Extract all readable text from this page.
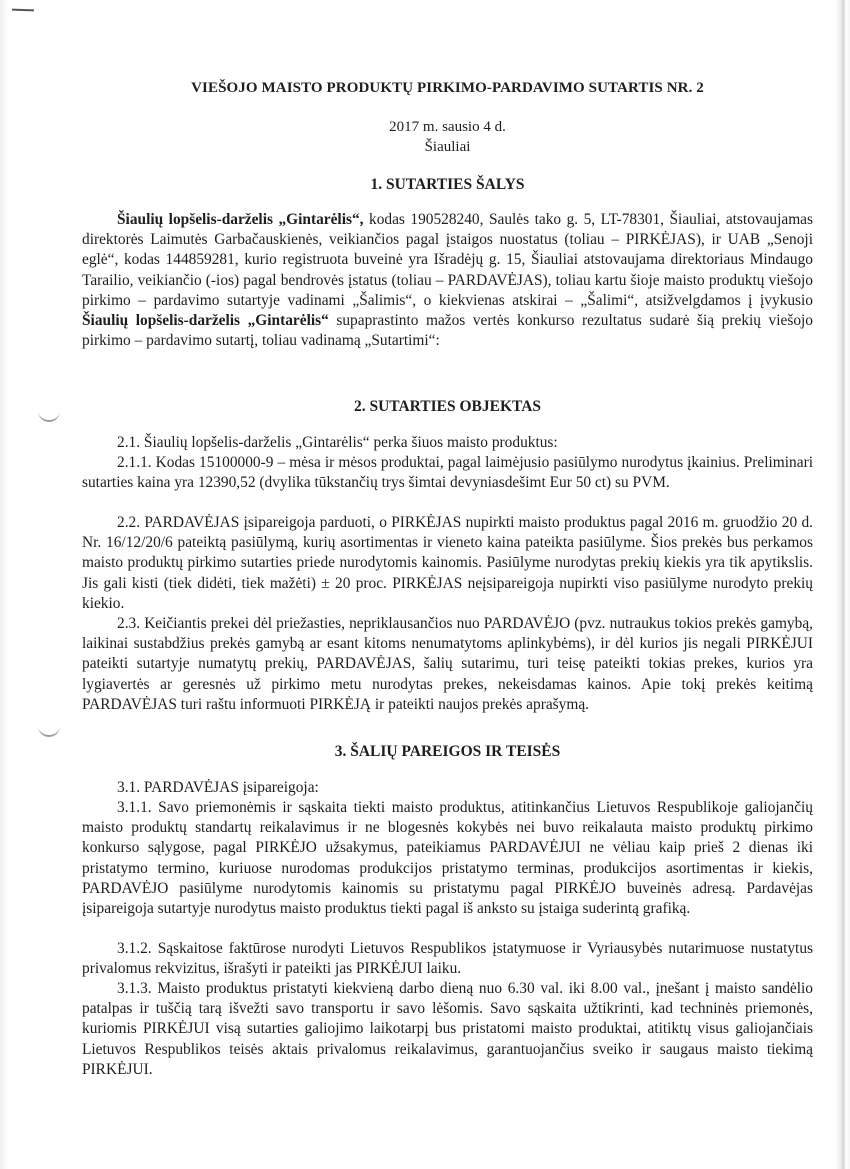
VIEŠOJO MAISTO PRODUKTŲ PIRKIMO-PARDAVIMO SUTARTIS NR. 2
2017 m. sausio 4 d.
Šiauliai
1. SUTARTIES ŠALYS

Šiaulių lopšelis-darželis „Gintarėlis“, kodas 190528240, Saulės tako g. 5, LT-78301, Šiauliai, atstovaujamas direktorės Laimutės Garbačauskienės, veikiančios pagal įstaigos nuostatus (toliau – PIRKĖJAS), ir UAB „Senoji eglė“, kodas 144859281, kurio registruota buveinė yra Išradėjų g. 15, Šiauliai atstovaujama direktoriaus Mindaugo Tarailio, veikiančio (-ios) pagal bendrovės įstatus (toliau – PARDAVĖJAS), toliau kartu šioje maisto produktų viešojo pirkimo – pardavimo sutartyje vadinami „Šalimis“, o kiekvienas atskirai – „Šalimi“, atsižvelgdamos į įvykusio Šiaulių lopšelis-darželis „Gintarėlis“ supaprastinto mažos vertės konkurso rezultatus sudarė šią prekių viešojo pirkimo – pardavimo sutartį, toliau vadinamą „Sutartimi“:

2. SUTARTIES OBJEKTAS

2.1. Šiaulių lopšelis-darželis „Gintarėlis“ perka šiuos maisto produktus:

2.1.1. Kodas 15100000-9 – mėsa ir mėsos produktai, pagal laimėjusio pasiūlymo nurodytus įkainius. Preliminari sutarties kaina yra 12390,52 (dvylika tūkstančių trys šimtai devyniasdešimt Eur 50 ct) su PVM.

2.2. PARDAVĖJAS įsipareigoja parduoti, o PIRKĖJAS nupirkti maisto produktus pagal 2016 m. gruodžio 20 d. Nr. 16/12/20/6 pateiktą pasiūlymą, kurių asortimentas ir vieneto kaina pateikta pasiūlyme. Šios prekės bus perkamos maisto produktų pirkimo sutarties priede nurodytomis kainomis. Pasiūlyme nurodytas prekių kiekis yra tik apytikslis. Jis gali kisti (tiek didėti, tiek mažėti) ± 20 proc. PIRKĖJAS neįsipareigoja nupirkti viso pasiūlyme nurodyto prekių kiekio.

2.3. Keičiantis prekei dėl priežasties, nepriklausančios nuo PARDAVĖJO (pvz. nutraukus tokios prekės gamybą, laikinai sustabdžius prekės gamybą ar esant kitoms nenumatytoms aplinkybėms), ir dėl kurios jis negali PIRKĖJUI pateikti sutartyje numatytų prekių, PARDAVĖJAS, šalių sutarimu, turi teisę pateikti tokias prekes, kurios yra lygiavertės ar geresnės už pirkimo metu nurodytas prekes, nekeisdamas kainos. Apie tokį prekės keitimą PARDAVĖJAS turi raštu informuoti PIRKĖJĄ ir pateikti naujos prekės aprašymą.

3. ŠALIŲ PAREIGOS IR TEISĖS

3.1. PARDAVĖJAS įsipareigoja:

3.1.1. Savo priemonėmis ir sąskaita tiekti maisto produktus, atitinkančius Lietuvos Respublikoje galiojančių maisto produktų standartų reikalavimus ir ne blogesnės kokybės nei buvo reikalauta maisto produktų pirkimo konkurso sąlygose, pagal PIRKĖJO užsakymus, pateikiamus PARDAVĖJUI ne vėliau kaip prieš 2 dienas iki pristatymo termino, kuriuose nurodomas produkcijos pristatymo terminas, produkcijos asortimentas ir kiekis, PARDAVĖJO pasiūlyme nurodytomis kainomis su pristatymu pagal PIRKĖJO buveinės adresą. Pardavėjas įsipareigoja sutartyje nurodytus maisto produktus tiekti pagal iš anksto su įstaiga suderintą grafiką.

3.1.2. Sąskaitose faktūrose nurodyti Lietuvos Respublikos įstatymuose ir Vyriausybės nutarimuose nustatytus privalomus rekvizitus, išrašyti ir pateikti jas PIRKĖJUI laiku.

3.1.3. Maisto produktus pristatyti kiekvieną darbo dieną nuo 6.30 val. iki 8.00 val., įnešant į maisto sandėlio patalpas ir tuščią tarą išvežti savo transportu ir savo lėšomis. Savo sąskaita užtikrinti, kad techninės priemonės, kuriomis PIRKĖJUI visą sutarties galiojimo laikotarpį bus pristatomi maisto produktai, atitiktų visus galiojančiais Lietuvos Respublikos teisės aktais privalomus reikalavimus, garantuojančius sveiko ir saugaus maisto tiekimą PIRKĖJUI.
